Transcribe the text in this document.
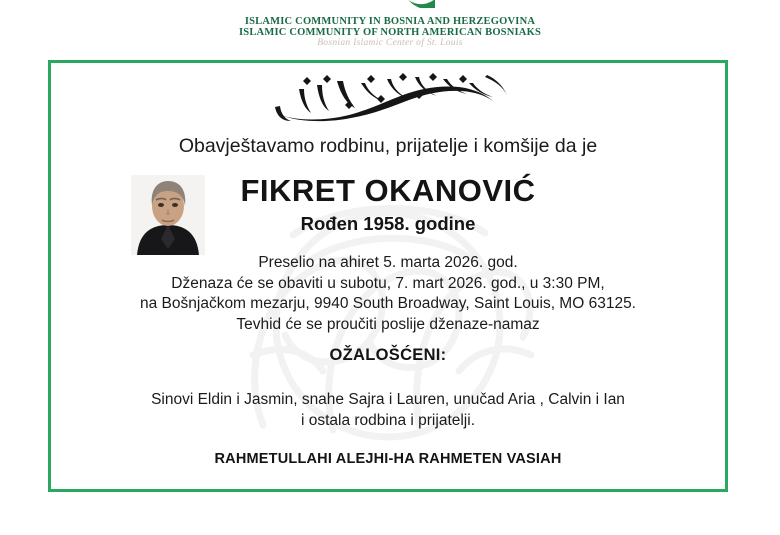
ISLAMIC COMMUNITY IN BOSNIA AND HERZEGOVINA
ISLAMIC COMMUNITY OF NORTH AMERICAN BOSNIAKS
Bosnian Islamic Center of St. Louis
Obavještavamo rodbinu, prijatelje i komšije da je
FIKRET OKANOVIĆ
Rođen 1958. godine
Preselio na ahiret 5. marta 2026. god.
Dženaza će se obaviti u subotu, 7. mart 2026. god., u 3:30 PM,
na Bošnjačkom mezarju, 9940 South Broadway, Saint Louis, MO 63125.
Tevhid će se proučiti poslije dženaze-namaz
OŽALOŠĆENI:
Sinovi Eldin i Jasmin, snahe Sajra i Lauren, unučad Aria , Calvin i Ian
i ostala rodbina i prijatelji.
RAHMETULLAHI ALEJHI-HA RAHMETEN VASIAH
